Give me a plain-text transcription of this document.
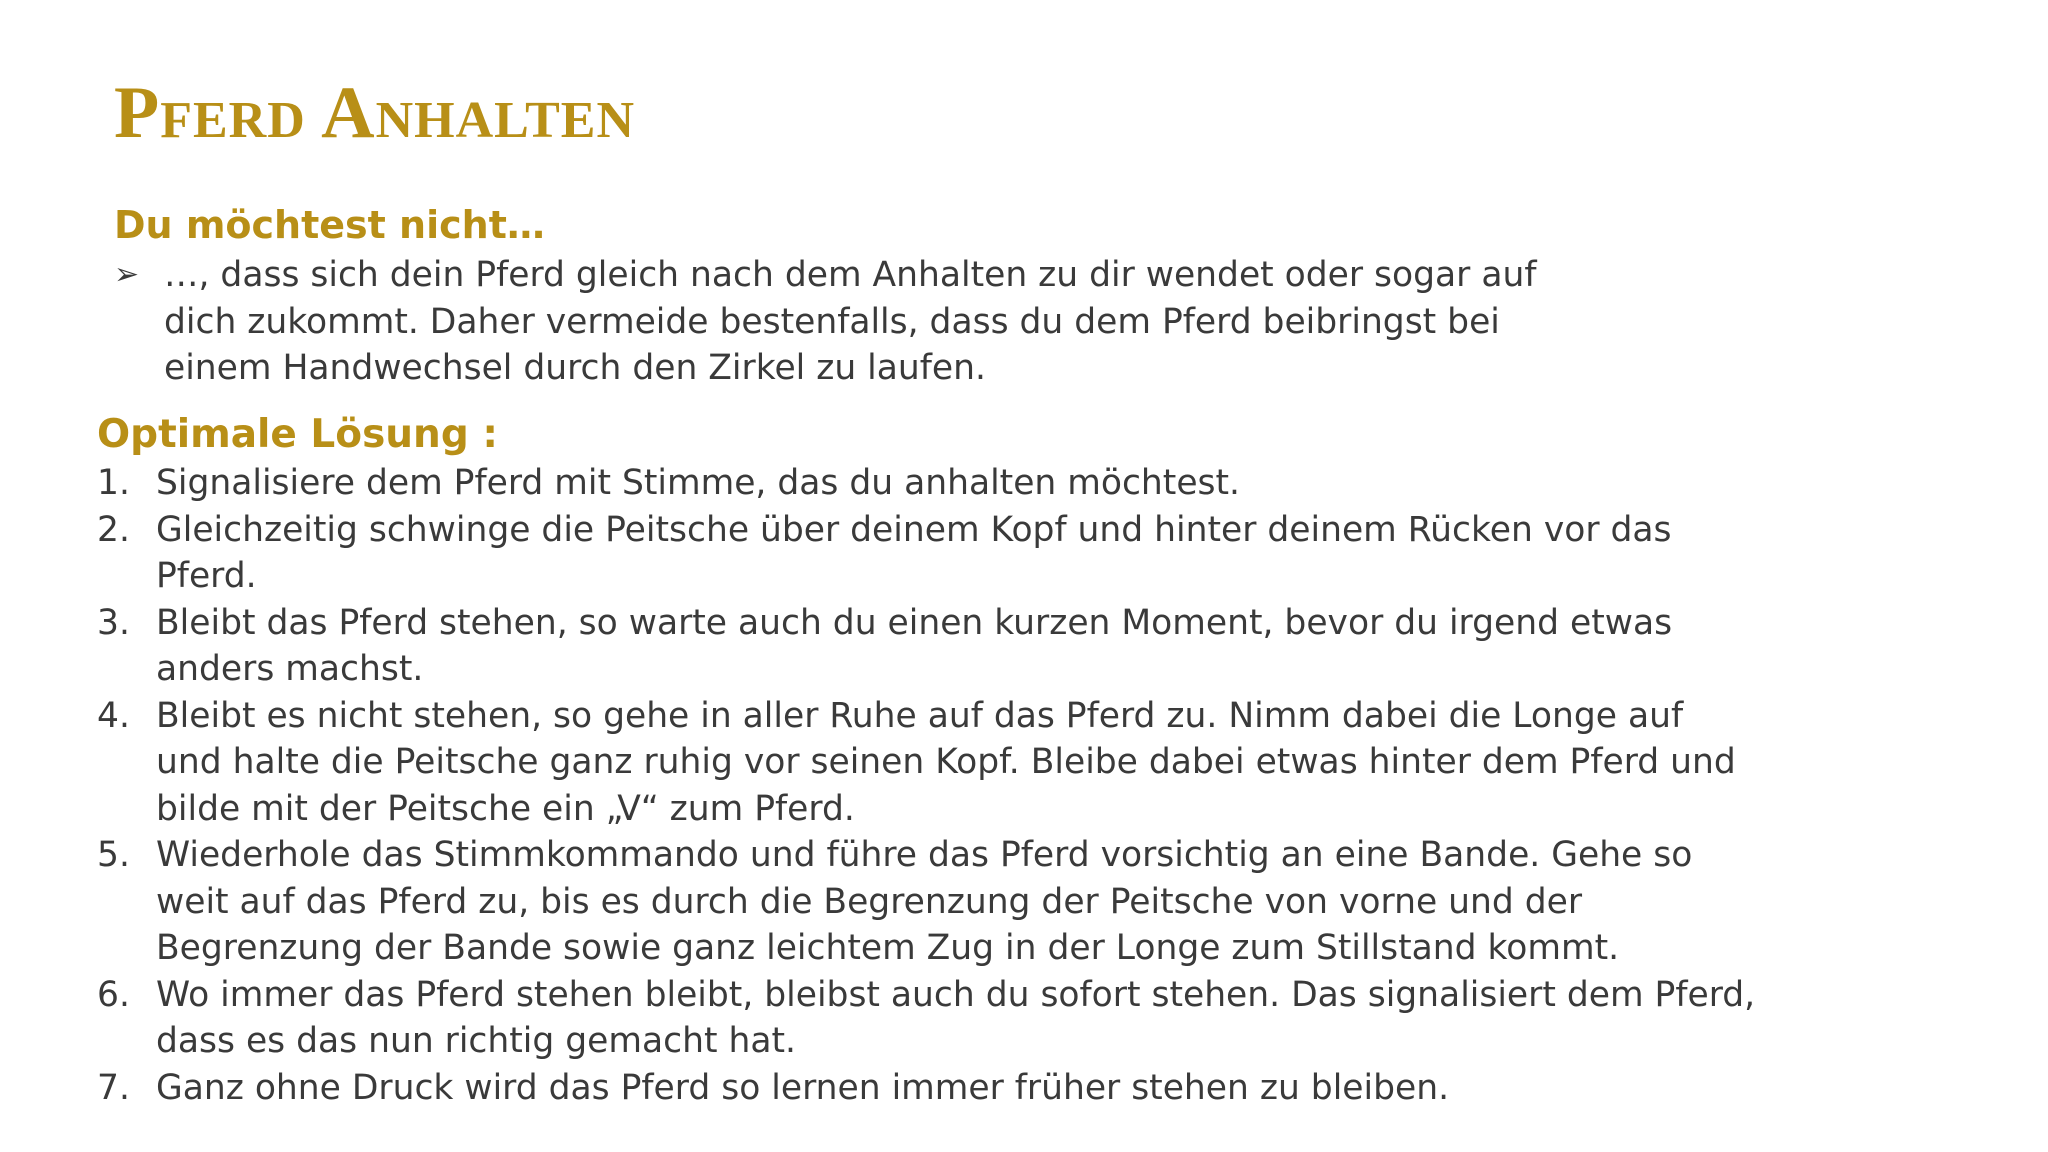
Pferd Anhalten
Du möchtest nicht…
➢ …, dass sich dein Pferd gleich nach dem Anhalten zu dir wendet oder sogar auf dich zukommt. Daher vermeide bestenfalls, dass du dem Pferd beibringst bei einem Handwechsel durch den Zirkel zu laufen.
Optimale Lösung :
1. Signalisiere dem Pferd mit Stimme, das du anhalten möchtest.
2. Gleichzeitig schwinge die Peitsche über deinem Kopf und hinter deinem Rücken vor das Pferd.
3. Bleibt das Pferd stehen, so warte auch du einen kurzen Moment, bevor du irgend etwas anders machst.
4. Bleibt es nicht stehen, so gehe in aller Ruhe auf das Pferd zu. Nimm dabei die Longe auf und halte die Peitsche ganz ruhig vor seinen Kopf. Bleibe dabei etwas hinter dem Pferd und bilde mit der Peitsche ein „V“ zum Pferd.
5. Wiederhole das Stimmkommando und führe das Pferd vorsichtig an eine Bande. Gehe so weit auf das Pferd zu, bis es durch die Begrenzung der Peitsche von vorne und der Begrenzung der Bande sowie ganz leichtem Zug in der Longe zum Stillstand kommt.
6. Wo immer das Pferd stehen bleibt, bleibst auch du sofort stehen. Das signalisiert dem Pferd, dass es das nun richtig gemacht hat.
7. Ganz ohne Druck wird das Pferd so lernen immer früher stehen zu bleiben.
